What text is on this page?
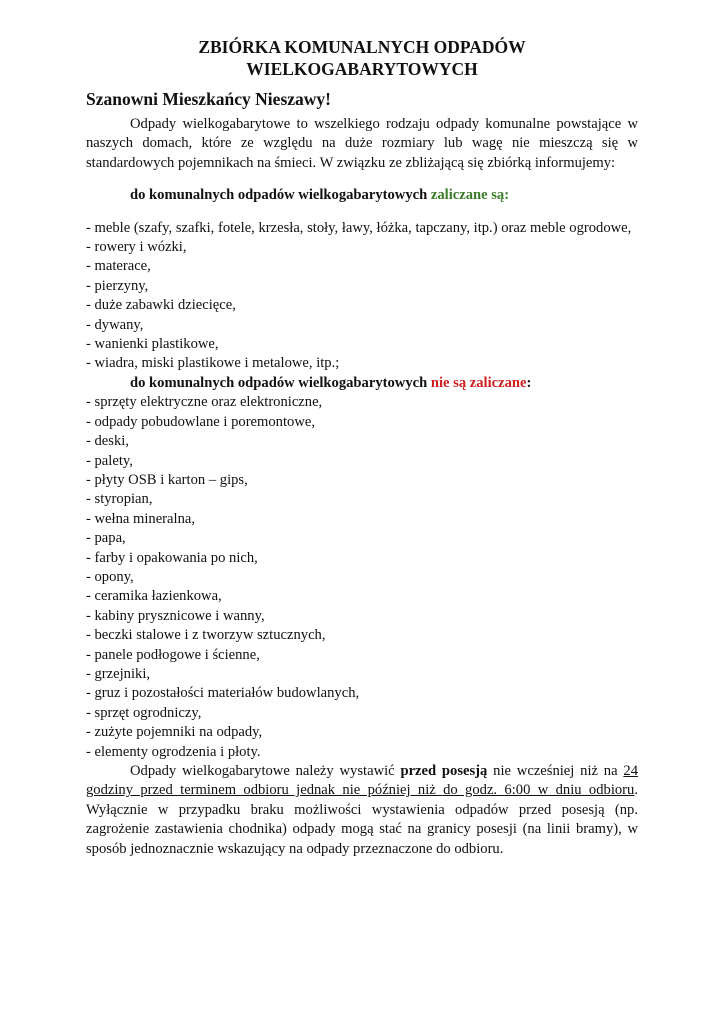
ZBIÓRKA KOMUNALNYCH ODPADÓW
WIELKOGABARYTOWYCH
Szanowni Mieszkańcy Nieszawy!

Odpady wielkogabarytowe to wszelkiego rodzaju odpady komunalne powstające w naszych domach, które ze względu na duże rozmiary lub wagę nie mieszczą się w standardowych pojemnikach na śmieci. W związku ze zbliżającą się zbiórką informujemy:

do komunalnych odpadów wielkogabarytowych zaliczane są:
- meble (szafy, szafki, fotele, krzesła, stoły, ławy, łóżka, tapczany, itp.) oraz meble ogrodowe,
- rowery i wózki,
- materace,
- pierzyny,
- duże zabawki dziecięce,
- dywany,
- wanienki plastikowe,
- wiadra, miski plastikowe i metalowe, itp.;
do komunalnych odpadów wielkogabarytowych nie są zaliczane:
- sprzęty elektryczne oraz elektroniczne,
- odpady pobudowlane i poremontowe,
- deski,
- palety,
- płyty OSB i karton – gips,
- styropian,
- wełna mineralna,
- papa,
- farby i opakowania po nich,
- opony,
- ceramika łazienkowa,
- kabiny prysznicowe i wanny,
- beczki stalowe i z tworzyw sztucznych,
- panele podłogowe i ścienne,
- grzejniki,
- gruz i pozostałości materiałów budowlanych,
- sprzęt ogrodniczy,
- zużyte pojemniki na odpady,
- elementy ogrodzenia i płoty.

Odpady wielkogabarytowe należy wystawić przed posesją nie wcześniej niż na 24 godziny przed terminem odbioru jednak nie później niż do godz. 6:00 w dniu odbioru. Wyłącznie w przypadku braku możliwości wystawienia odpadów przed posesją (np. zagrożenie zastawienia chodnika) odpady mogą stać na granicy posesji (na linii bramy), w sposób jednoznacznie wskazujący na odpady przeznaczone do odbioru.
